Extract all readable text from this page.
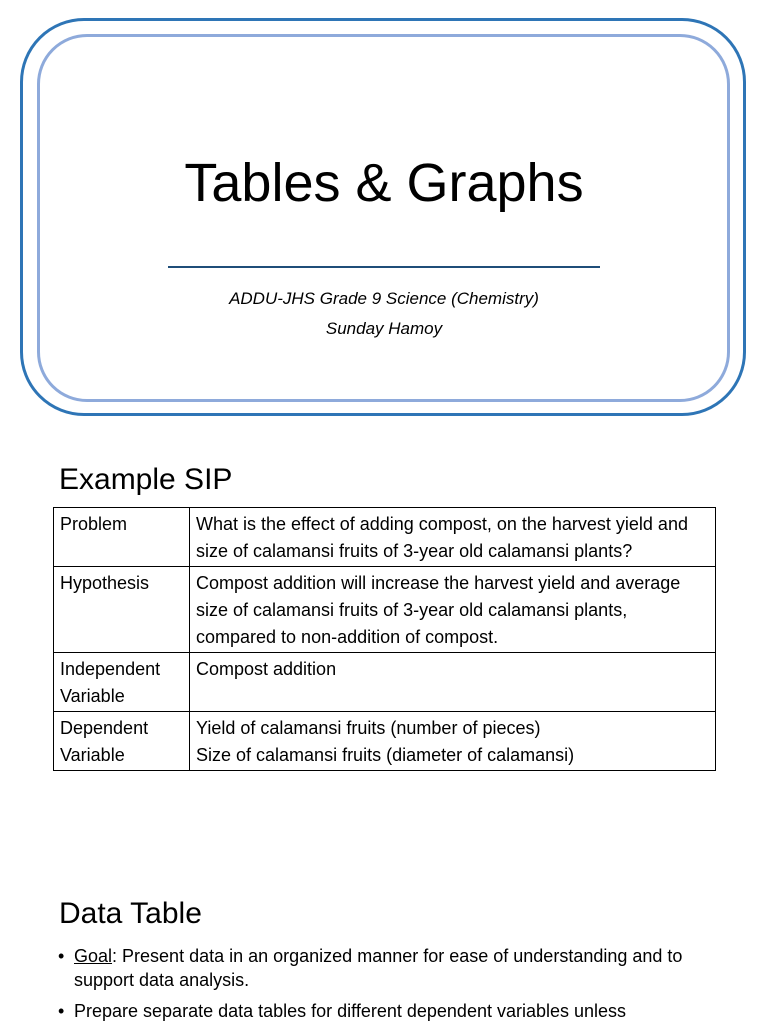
Tables & Graphs
ADDU-JHS Grade 9 Science (Chemistry)
Sunday Hamoy
Example SIP
Problem	What is the effect of adding compost, on the harvest yield and size of calamansi fruits of 3-year old calamansi plants?
Hypothesis	Compost addition will increase the harvest yield and average size of calamansi fruits of 3-year old calamansi plants, compared to non-addition of compost.
Independent Variable	Compost addition
Dependent Variable	Yield of calamansi fruits (number of pieces)
Size of calamansi fruits (diameter of calamansi)
Data Table
• Goal: Present data in an organized manner for ease of understanding and to support data analysis.
• Prepare separate data tables for different dependent variables unless
